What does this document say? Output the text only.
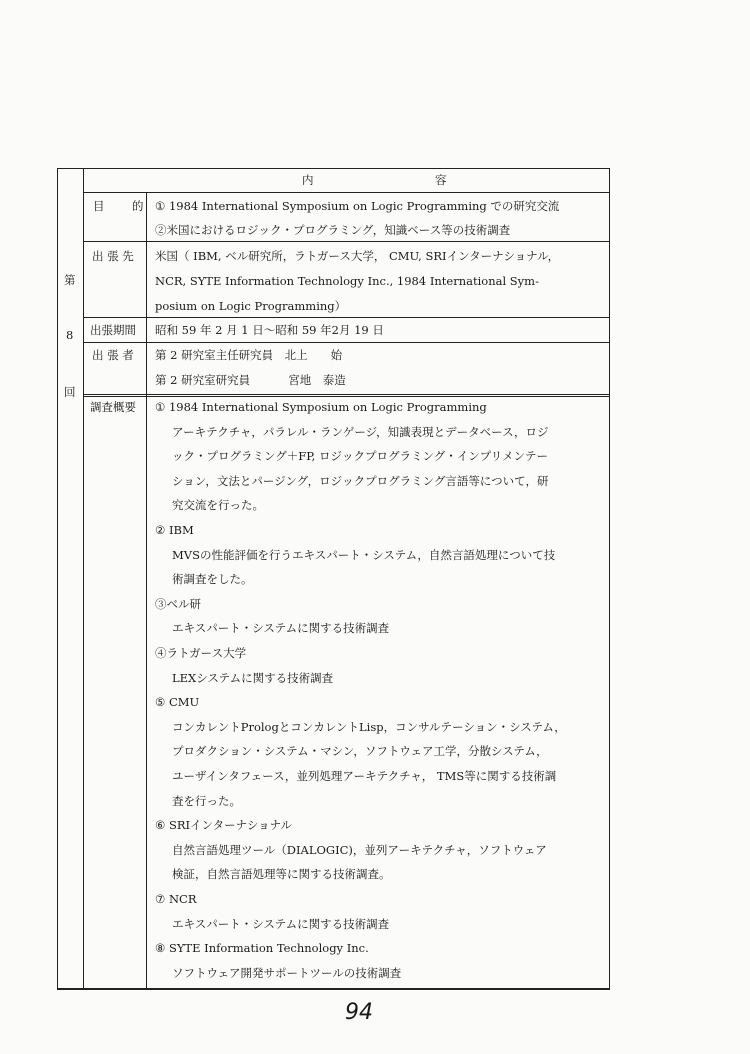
内	容
第
8
回
目 的 ① 1984 International Symposium on Logic Programming での研究交流
②米国におけるロジック・プログラミング，知識ベース等の技術調査
出 張 先 米国（ IBM, ベル研究所，ラトガース大学， CMU, SRIインターナショナル，
NCR, SYTE Information Technology Inc., 1984 International Sym-
posium on Logic Programming）
出張期間 昭和 59 年 2 月 1 日～昭和 59 年2月 19 日
出 張 者 第 2 研究室主任研究員　北上　　始
第 2 研究室研究員　　　 宮地　泰造
調査概要 ① 1984 International Symposium on Logic Programming
アーキテクチャ，パラレル・ランゲージ，知識表現とデータベース，ロジ
ック・プログラミング＋FP, ロジックプログラミング・インプリメンテー
ション，文法とパージング，ロジックプログラミング言語等について，研
究交流を行った。
② IBM
MVSの性能評価を行うエキスパート・システム，自然言語処理について技
術調査をした。
③ベル研
エキスパート・システムに関する技術調査
④ラトガース大学
LEXシステムに関する技術調査
⑤ CMU
コンカレントPrologとコンカレントLisp，コンサルテーション・システム，
プロダクション・システム・マシン，ソフトウェア工学，分散システム，
ユーザインタフェース，並列処理アーキテクチャ， TMS等に関する技術調
査を行った。
⑥ SRIインターナショナル
自然言語処理ツール（DIALOGIC)，並列アーキテクチャ，ソフトウェア
検証，自然言語処理等に関する技術調査。
⑦ NCR
エキスパート・システムに関する技術調査
⑧ SYTE Information Technology Inc.
ソフトウェア開発サポートツールの技術調査
94
